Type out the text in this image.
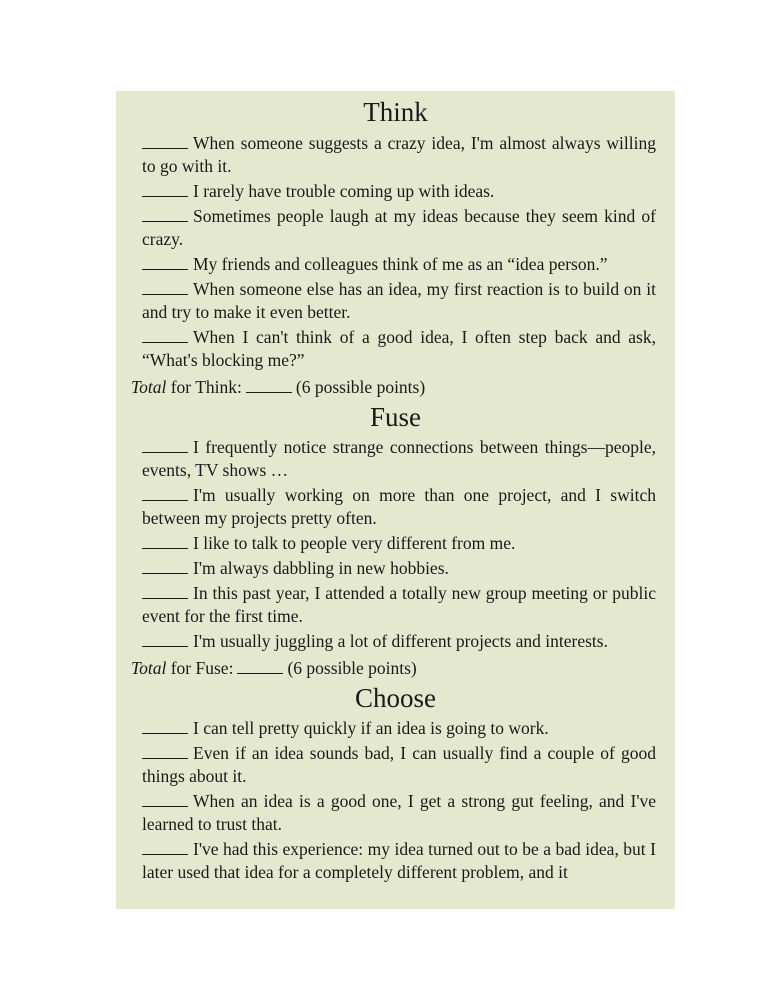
Think
When someone suggests a crazy idea, I'm almost always willing to go with it.
I rarely have trouble coming up with ideas.
Sometimes people laugh at my ideas because they seem kind of crazy.
My friends and colleagues think of me as an “idea person.”
When someone else has an idea, my first reaction is to build on it and try to make it even better.
When I can't think of a good idea, I often step back and ask, “What's blocking me?”
Total for Think:	(6 possible points)
Fuse
I frequently notice strange connections between things—people, events, TV shows …
I'm usually working on more than one project, and I switch between my projects pretty often.
I like to talk to people very different from me.
I'm always dabbling in new hobbies.
In this past year, I attended a totally new group meeting or public event for the first time.
I'm usually juggling a lot of different projects and interests.
Total for Fuse:	(6 possible points)
Choose
I can tell pretty quickly if an idea is going to work.
Even if an idea sounds bad, I can usually find a couple of good things about it.
When an idea is a good one, I get a strong gut feeling, and I've learned to trust that.
I've had this experience: my idea turned out to be a bad idea, but I later used that idea for a completely different problem, and it
